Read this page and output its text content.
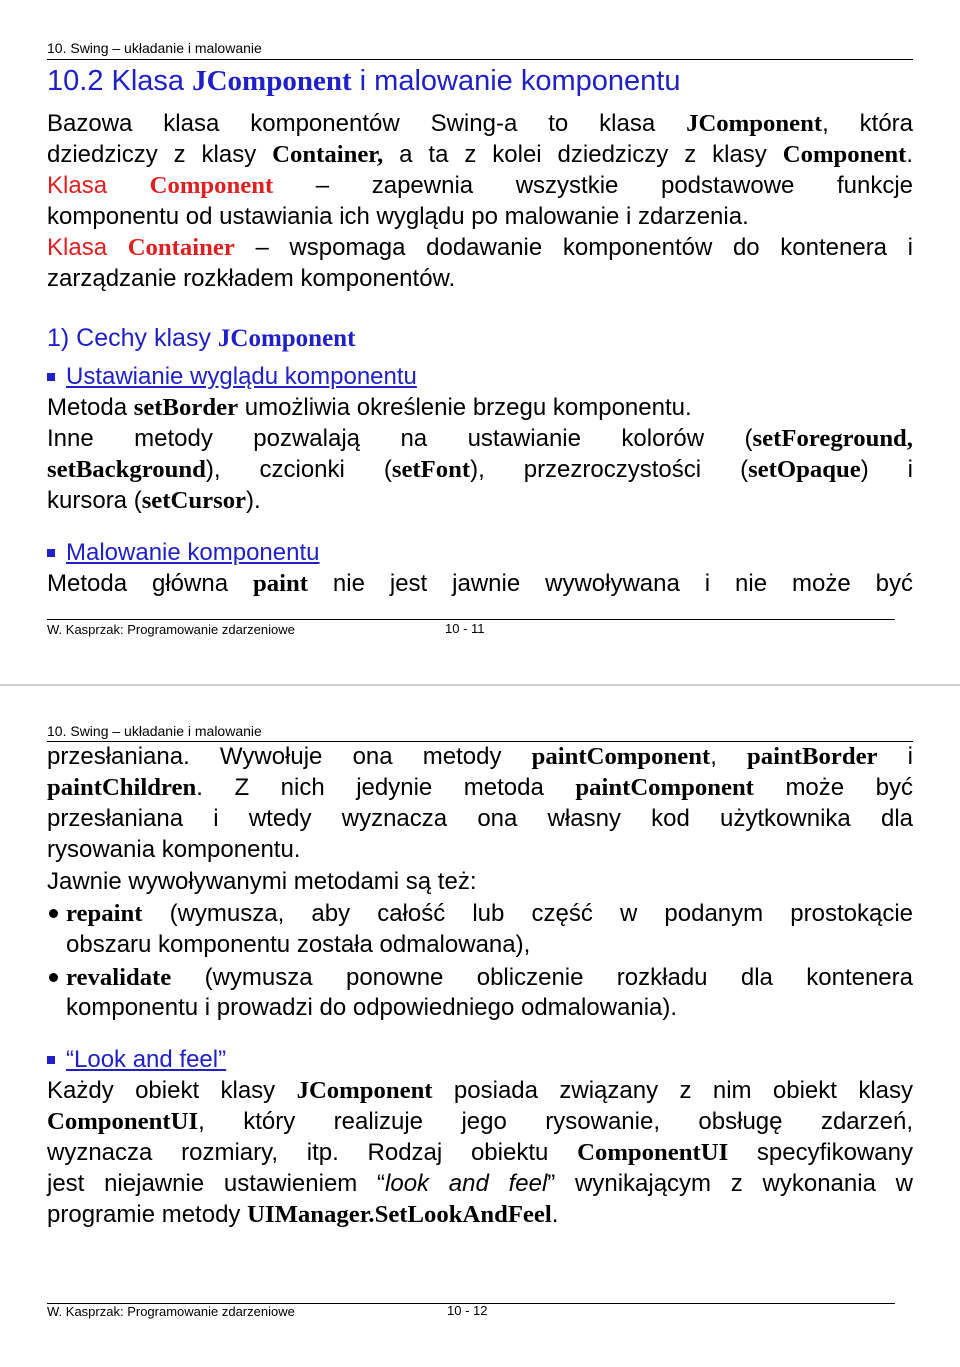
10. Swing – układanie i malowanie
10.2 Klasa JComponent i malowanie komponentu
Bazowa klasa komponentów Swing-a to klasa JComponent, która
dziedziczy z klasy Container, a ta z kolei dziedziczy z klasy Component.
Klasa Component – zapewnia wszystkie podstawowe funkcje
komponentu od ustawiania ich wyglądu po malowanie i zdarzenia.
Klasa Container – wspomaga dodawanie komponentów do kontenera i
zarządzanie rozkładem komponentów.
1) Cechy klasy JComponent
Ustawianie wyglądu komponentu
Metoda setBorder umożliwia określenie brzegu komponentu.
Inne metody pozwalają na ustawianie kolorów (setForeground,
setBackground), czcionki (setFont), przezroczystości (setOpaque) i
kursora (setCursor).
Malowanie komponentu
Metoda główna paint nie jest jawnie wywoływana i nie może być
W. Kasprzak: Programowanie zdarzeniowe	10 - 11
10. Swing – układanie i malowanie
przesłaniana. Wywołuje ona metody paintComponent, paintBorder i
paintChildren. Z nich jedynie metoda paintComponent może być
przesłaniana i wtedy wyznacza ona własny kod użytkownika dla
rysowania komponentu.
Jawnie wywoływanymi metodami są też:
repaint (wymusza, aby całość lub część w podanym prostokącie
obszaru komponentu została odmalowana),
revalidate (wymusza ponowne obliczenie rozkładu dla kontenera
komponentu i prowadzi do odpowiedniego odmalowania).
“Look and feel”
Każdy obiekt klasy JComponent posiada związany z nim obiekt klasy
ComponentUI, który realizuje jego rysowanie, obsługę zdarzeń,
wyznacza rozmiary, itp. Rodzaj obiektu ComponentUI specyfikowany
jest niejawnie ustawieniem “look and feel” wynikającym z wykonania w
programie metody UIManager.SetLookAndFeel.
W. Kasprzak: Programowanie zdarzeniowe	10 - 12
